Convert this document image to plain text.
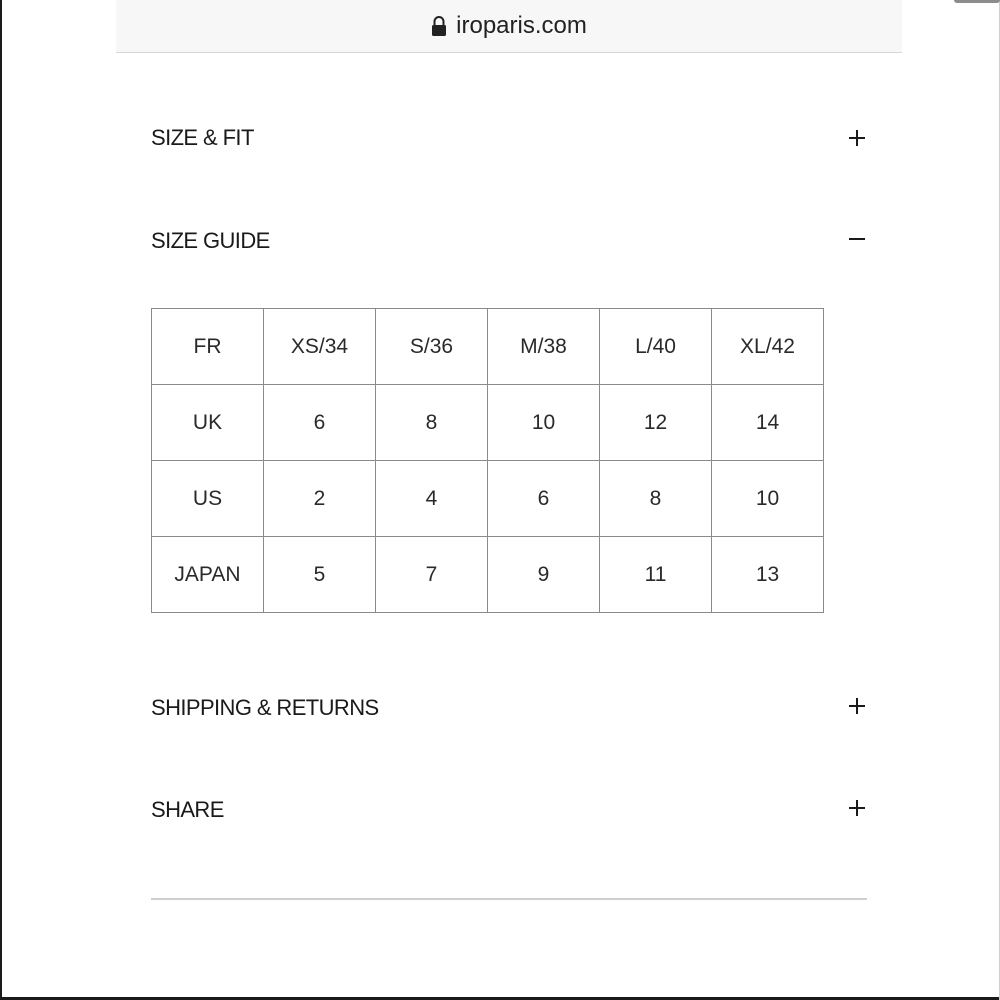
iroparis.com
SIZE & FIT
SIZE GUIDE
FR	XS/34	S/36	M/38	L/40	XL/42
UK	6	8	10	12	14
US	2	4	6	8	10
JAPAN	5	7	9	11	13
SHIPPING & RETURNS
SHARE
